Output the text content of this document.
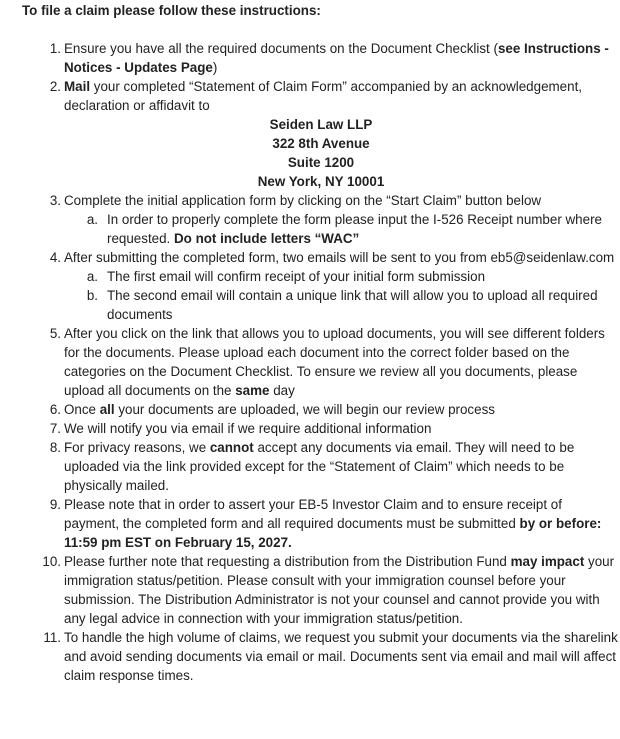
To file a claim please follow these instructions:
1. Ensure you have all the required documents on the Document Checklist (see Instructions - Notices - Updates Page)
2. Mail your completed “Statement of Claim Form” accompanied by an acknowledgement, declaration or affidavit to
Seiden Law LLP
322 8th Avenue
Suite 1200
New York, NY 10001
3. Complete the initial application form by clicking on the “Start Claim” button below
a. In order to properly complete the form please input the I-526 Receipt number where requested. Do not include letters “WAC”
4. After submitting the completed form, two emails will be sent to you from eb5@seidenlaw.com
a. The first email will confirm receipt of your initial form submission
b. The second email will contain a unique link that will allow you to upload all required documents
5. After you click on the link that allows you to upload documents, you will see different folders for the documents. Please upload each document into the correct folder based on the categories on the Document Checklist. To ensure we review all you documents, please upload all documents on the same day
6. Once all your documents are uploaded, we will begin our review process
7. We will notify you via email if we require additional information
8. For privacy reasons, we cannot accept any documents via email. They will need to be uploaded via the link provided except for the “Statement of Claim” which needs to be physically mailed.
9. Please note that in order to assert your EB-5 Investor Claim and to ensure receipt of payment, the completed form and all required documents must be submitted by or before: 11:59 pm EST on February 15, 2027.
10. Please further note that requesting a distribution from the Distribution Fund may impact your immigration status/petition. Please consult with your immigration counsel before your submission. The Distribution Administrator is not your counsel and cannot provide you with any legal advice in connection with your immigration status/petition.
11. To handle the high volume of claims, we request you submit your documents via the sharelink and avoid sending documents via email or mail. Documents sent via email and mail will affect claim response times.
